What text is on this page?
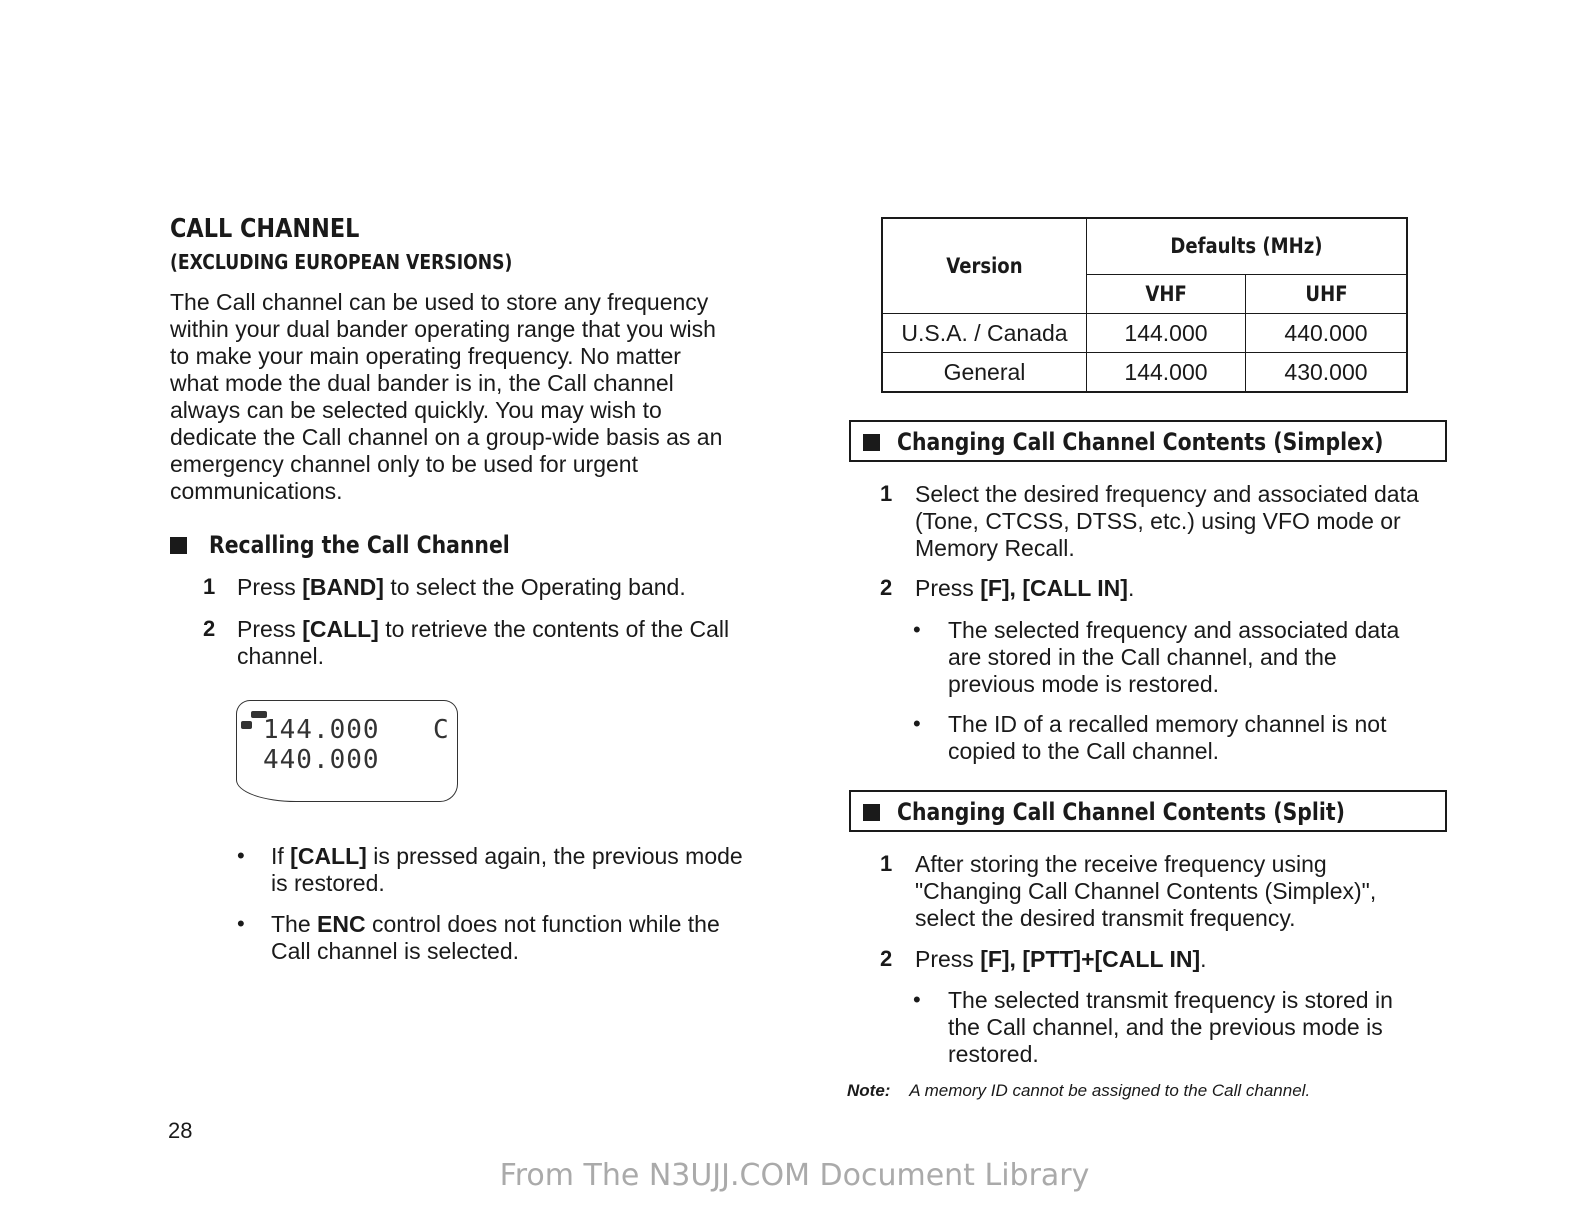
CALL CHANNEL
(EXCLUDING EUROPEAN VERSIONS)
The Call channel can be used to store any frequency
within your dual bander operating range that you wish
to make your main operating frequency. No matter
what mode the dual bander is in, the Call channel
always can be selected quickly. You may wish to
dedicate the Call channel on a group-wide basis as an
emergency channel only to be used for urgent
communications.
Recalling the Call Channel
1 Press [BAND] to select the Operating band.
2 Press [CALL] to retrieve the contents of the Call
channel.
144.000 C
440.000
• If [CALL] is pressed again, the previous mode
is restored.
• The ENC control does not function while the
Call channel is selected.
28
Version	Defaults (MHz)	
	VHF	UHF
U.S.A. / Canada	144.000	440.000
General	144.000	430.000
Changing Call Channel Contents (Simplex)
1 Select the desired frequency and associated data
(Tone, CTCSS, DTSS, etc.) using VFO mode or
Memory Recall.
2 Press [F], [CALL IN].
• The selected frequency and associated data
are stored in the Call channel, and the
previous mode is restored.
• The ID of a recalled memory channel is not
copied to the Call channel.
Changing Call Channel Contents (Split)
1 After storing the receive frequency using
"Changing Call Channel Contents (Simplex)",
select the desired transmit frequency.
2 Press [F], [PTT]+[CALL IN].
• The selected transmit frequency is stored in
the Call channel, and the previous mode is
restored.
Note: A memory ID cannot be assigned to the Call channel.
From The N3UJJ.COM Document Library
